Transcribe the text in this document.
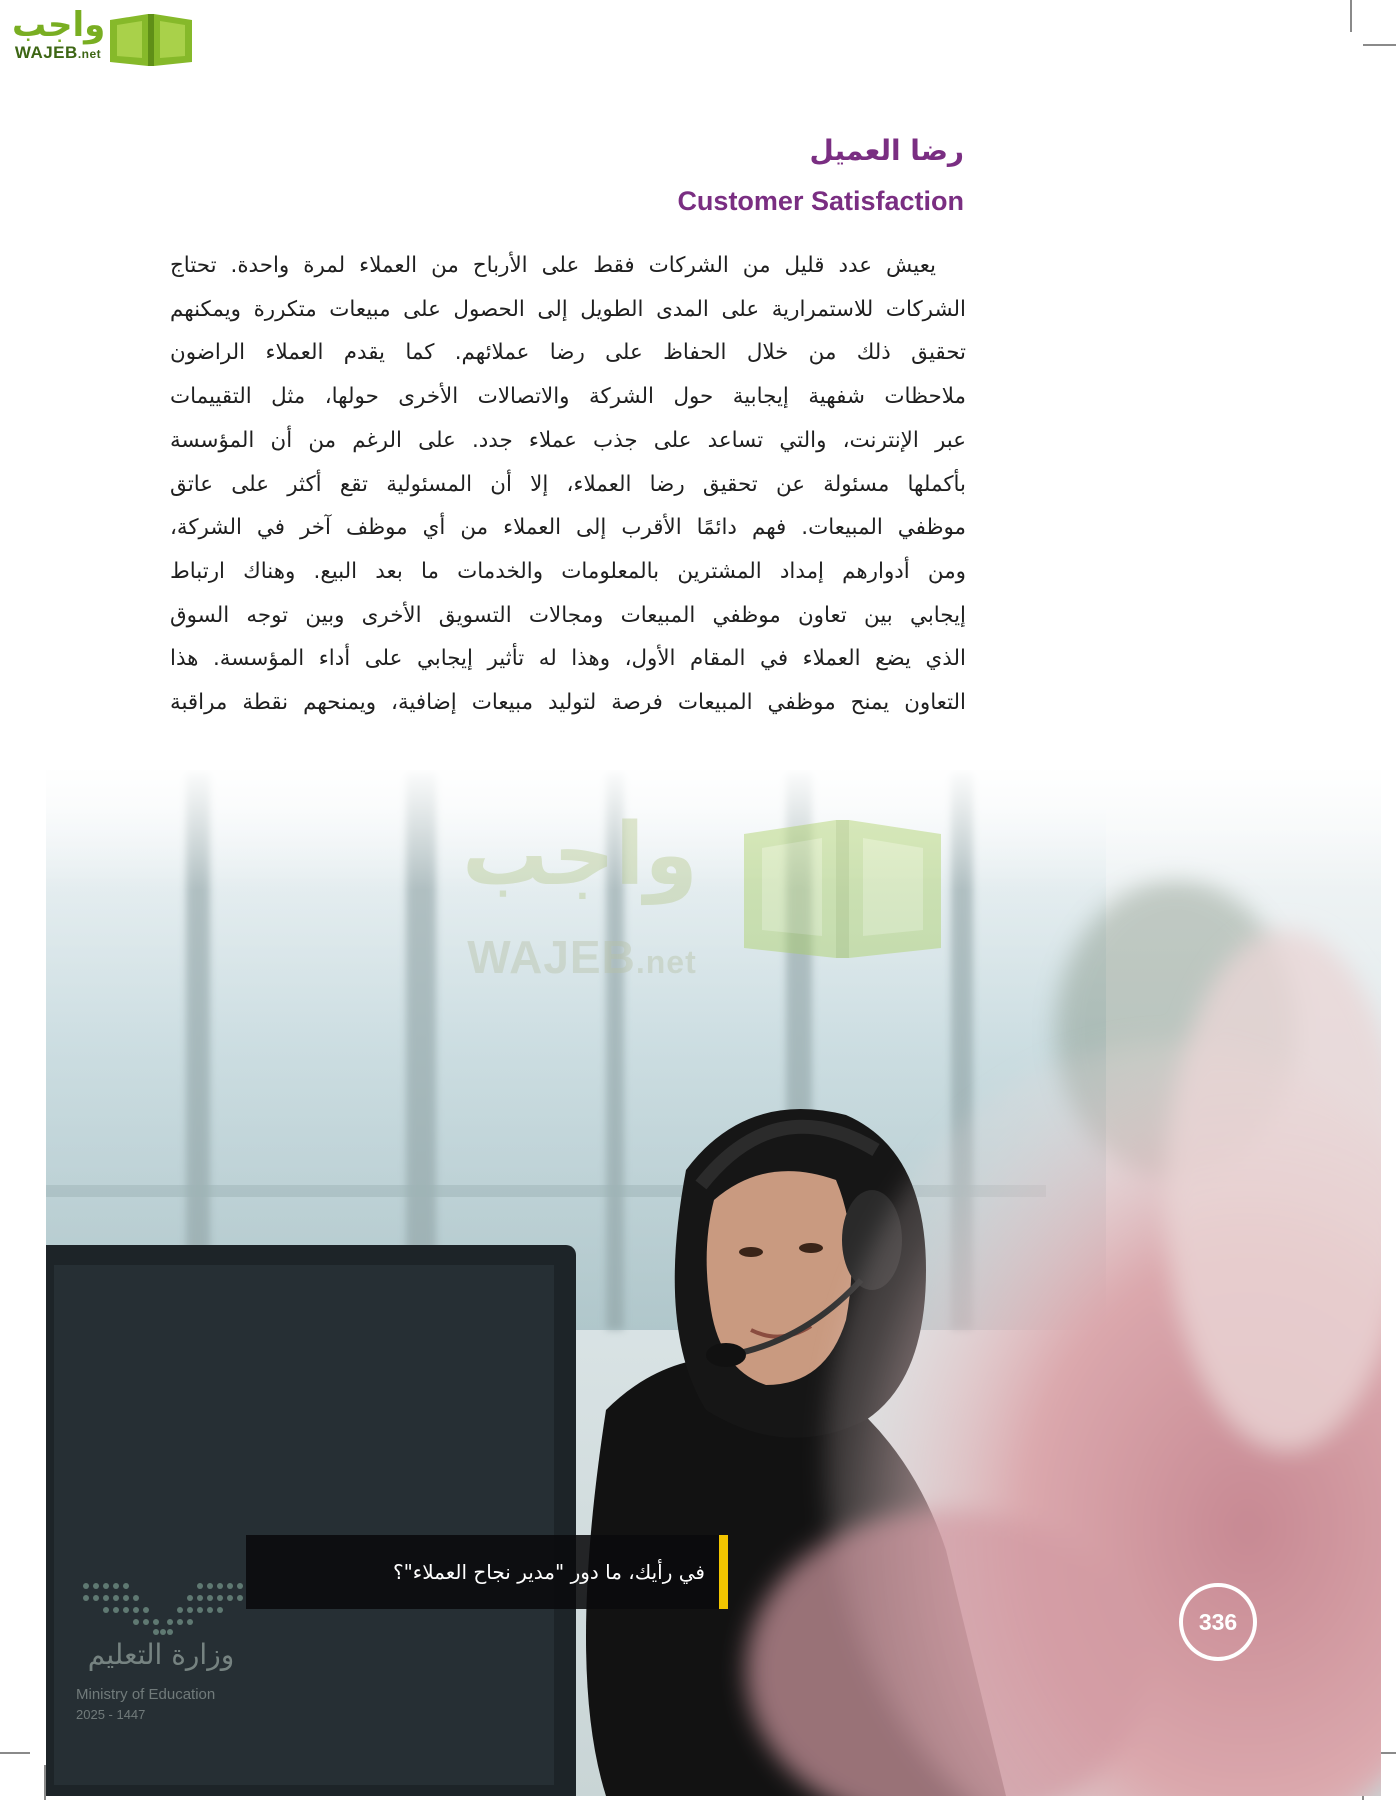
واجب
WAJEB.net
رضا العميل
Customer Satisfaction
يعيش عدد قليل من الشركات فقط على الأرباح من العملاء لمرة واحدة. تحتاج
الشركات للاستمرارية على المدى الطويل إلى الحصول على مبيعات متكررة ويمكنهم
تحقيق ذلك من خلال الحفاظ على رضا عملائهم. كما يقدم العملاء الراضون
ملاحظات شفهية إيجابية حول الشركة والاتصالات الأخرى حولها، مثل التقييمات
عبر الإنترنت، والتي تساعد على جذب عملاء جدد. على الرغم من أن المؤسسة
بأكملها مسئولة عن تحقيق رضا العملاء، إلا أن المسئولية تقع أكثر على عاتق
موظفي المبيعات. فهم دائمًا الأقرب إلى العملاء من أي موظف آخر في الشركة،
ومن أدوارهم إمداد المشترين بالمعلومات والخدمات ما بعد البيع. وهناك ارتباط
إيجابي بين تعاون موظفي المبيعات ومجالات التسويق الأخرى وبين توجه السوق
الذي يضع العملاء في المقام الأول، وهذا له تأثير إيجابي على أداء المؤسسة. هذا
التعاون يمنح موظفي المبيعات فرصة لتوليد مبيعات إضافية، ويمنحهم نقطة مراقبة
واجب
WAJEB.net
في رأيك، ما دور "مدير نجاح العملاء"؟
336
وزارة التعليم
Ministry of Education
2025 - 1447
